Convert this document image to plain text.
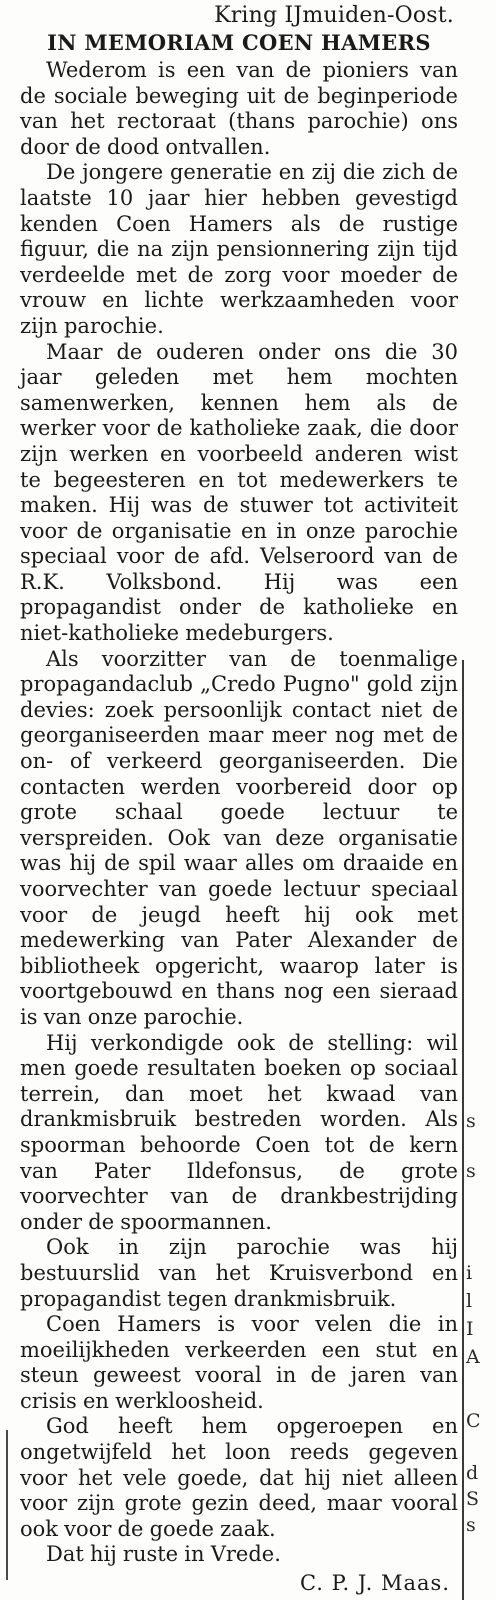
Kring IJmuiden-Oost.
IN MEMORIAM COEN HAMERS

Wederom is een van de pioniers van de sociale beweging uit de beginperiode van het rectoraat (thans parochie) ons door de dood ontvallen.

De jongere generatie en zij die zich de laatste 10 jaar hier hebben gevestigd kenden Coen Hamers als de rustige figuur, die na zijn pensionnering zijn tijd verdeelde met de zorg voor moeder de vrouw en lichte werkzaamheden voor zijn parochie.

Maar de ouderen onder ons die 30 jaar geleden met hem mochten samenwerken, kennen hem als de werker voor de katholieke zaak, die door zijn werken en voorbeeld anderen wist te begeesteren en tot medewerkers te maken. Hij was de stuwer tot activiteit voor de organisatie en in onze parochie speciaal voor de afd. Velseroord van de R.K. Volksbond. Hij was een propagandist onder de katholieke en niet-katholieke medeburgers.

Als voorzitter van de toenmalige propagandaclub „Credo Pugno" gold zijn devies: zoek persoonlijk contact niet de georganiseerden maar meer nog met de on- of verkeerd georganiseerden. Die contacten werden voorbereid door op grote schaal goede lectuur te verspreiden. Ook van deze organisatie was hij de spil waar alles om draaide en voorvechter van goede lectuur speciaal voor de jeugd heeft hij ook met medewerking van Pater Alexander de bibliotheek opgericht, waarop later is voortgebouwd en thans nog een sieraad is van onze parochie.

Hij verkondigde ook de stelling: wil men goede resultaten boeken op sociaal terrein, dan moet het kwaad van drankmisbruik bestreden worden. Als spoorman behoorde Coen tot de kern van Pater Ildefonsus, de grote voorvechter van de drankbestrijding onder de spoormannen.

Ook in zijn parochie was hij bestuurslid van het Kruisverbond en propagandist tegen drankmisbruik.

Coen Hamers is voor velen die in moeilijkheden verkeerden een stut en steun geweest vooral in de jaren van crisis en werkloosheid.

God heeft hem opgeroepen en ongetwijfeld het loon reeds gegeven voor het vele goede, dat hij niet alleen voor zijn grote gezin deed, maar vooral ook voor de goede zaak.

Dat hij ruste in Vrede.

C. P. J. Maas.
s
s
i
l
I
A
C
d
S
s
